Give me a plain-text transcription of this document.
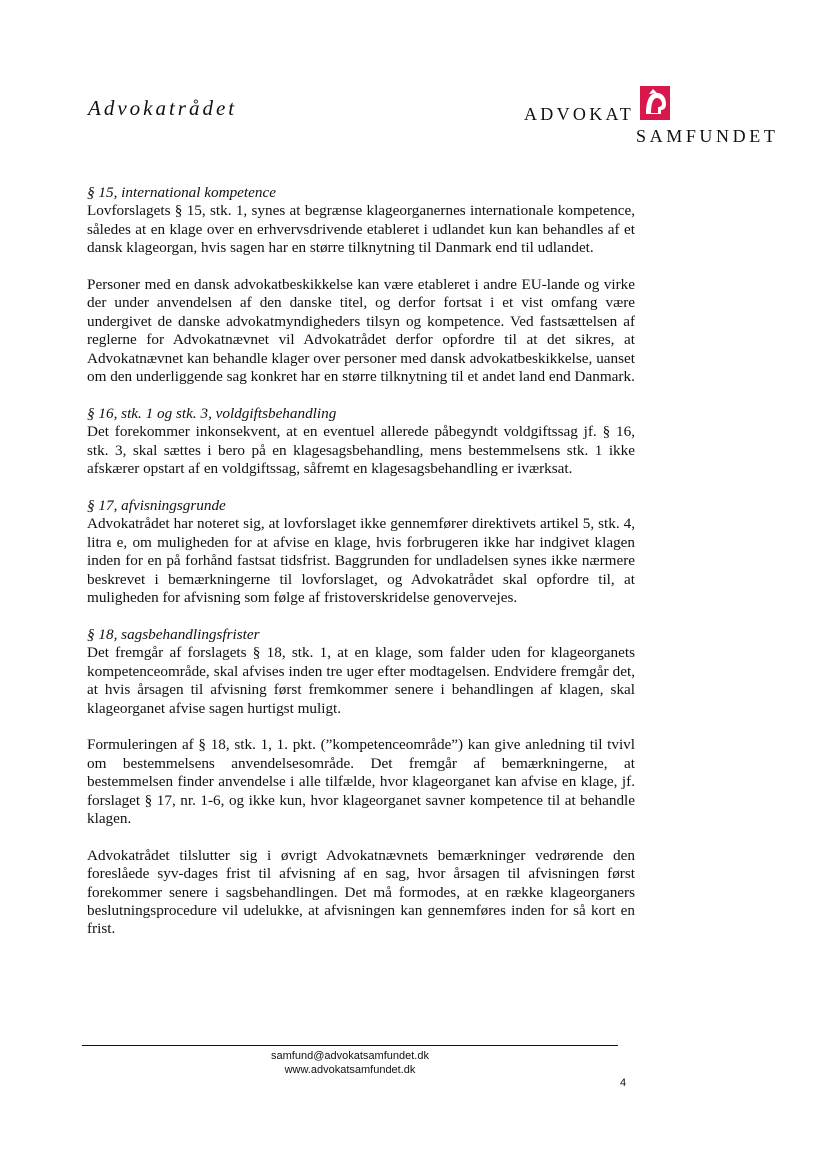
Advokatrådet	ADVOKAT
SAMFUNDET
§ 15, international kompetence
Lovforslagets § 15, stk. 1, synes at begrænse klageorganernes internationale kompetence, således at en klage over en erhvervsdrivende etableret i udlandet kun kan behandles af et dansk klageorgan, hvis sagen har en større tilknytning til Danmark end til udlandet.
Personer med en dansk advokatbeskikkelse kan være etableret i andre EU-lande og virke der under anvendelsen af den danske titel, og derfor fortsat i et vist omfang være undergivet de danske advokatmyndigheders tilsyn og kompetence. Ved fastsættelsen af reglerne for Advokatnævnet vil Advokatrådet derfor opfordre til at det sikres, at Advokatnævnet kan behandle klager over personer med dansk advokatbeskikkelse, uanset om den underliggende sag konkret har en større tilknytning til et andet land end Danmark.
§ 16, stk. 1 og stk. 3, voldgiftsbehandling
Det forekommer inkonsekvent, at en eventuel allerede påbegyndt voldgiftssag jf. § 16, stk. 3, skal sættes i bero på en klagesagsbehandling, mens bestemmelsens stk. 1 ikke afskærer opstart af en voldgiftssag, såfremt en klagesagsbehandling er iværksat.
§ 17, afvisningsgrunde
Advokatrådet har noteret sig, at lovforslaget ikke gennemfører direktivets artikel 5, stk. 4, litra e, om muligheden for at afvise en klage, hvis forbrugeren ikke har indgivet klagen inden for en på forhånd fastsat tidsfrist. Baggrunden for undladelsen synes ikke nærmere beskrevet i bemærkningerne til lovforslaget, og Advokatrådet skal opfordre til, at muligheden for afvisning som følge af fristoverskridelse genovervejes.
§ 18, sagsbehandlingsfrister
Det fremgår af forslagets § 18, stk. 1, at en klage, som falder uden for klageorganets kompetenceområde, skal afvises inden tre uger efter modtagelsen. Endvidere fremgår det, at hvis årsagen til afvisning først fremkommer senere i behandlingen af klagen, skal klageorganet afvise sagen hurtigst muligt.
Formuleringen af § 18, stk. 1, 1. pkt. (”kompetenceområde”) kan give anledning til tvivl om bestemmelsens anvendelsesområde. Det fremgår af bemærkningerne, at bestemmelsen finder anvendelse i alle tilfælde, hvor klageorganet kan afvise en klage, jf. forslaget § 17, nr. 1-6, og ikke kun, hvor klageorganet savner kompetence til at behandle klagen.
Advokatrådet tilslutter sig i øvrigt Advokatnævnets bemærkninger vedrørende den foreslåede syv-dages frist til afvisning af en sag, hvor årsagen til afvisningen først forekommer senere i sagsbehandlingen. Det må formodes, at en række klageorganers beslutningsprocedure vil udelukke, at afvisningen kan gennemføres inden for så kort en frist.
samfund@advokatsamfundet.dk
www.advokatsamfundet.dk
4
